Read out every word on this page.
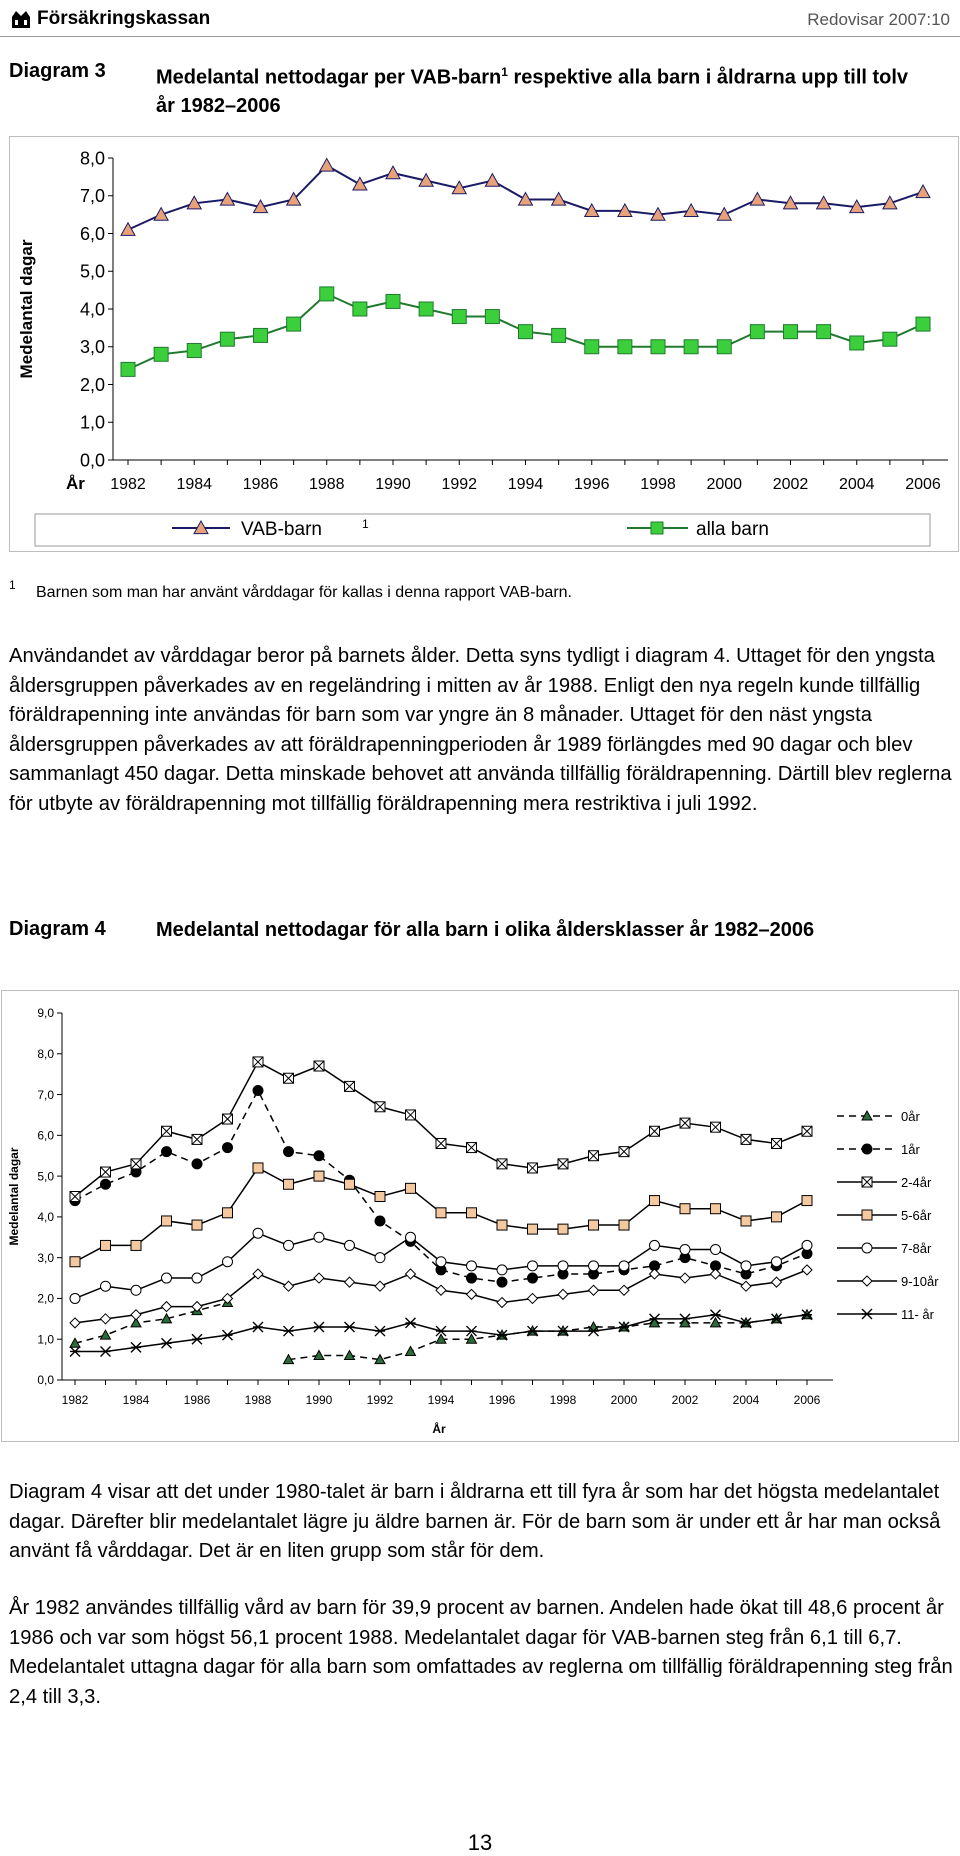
Försäkringskassan	Redovisar 2007:10
Diagram 3	Medelantal nettodagar per VAB-barn$^1$ respektive alla barn i åldrarna upp till tolv år 1982–2006
0,0
1,0
2,0
3,0
4,0
5,0
6,0
7,0
8,0
1982 1984 1986 1988 1990 1992 1994 1996 1998 2000 2002 2004 2006
Medelantal dagar
År
VAB-barn	1	alla barn
1 Barnen som man har använt vårddagar för kallas i denna rapport VAB-barn.
Användandet av vårddagar beror på barnets ålder. Detta syns tydligt i diagram 4. Uttaget för den yngsta åldersgruppen påverkades av en regeländring i mitten av år 1988. Enligt den nya regeln kunde tillfällig föräldrapenning inte användas för barn som var yngre än 8 månader. Uttaget för den näst yngsta åldersgruppen påverkades av att föräldrapenningperioden år 1989 förlängdes med 90 dagar och blev sammanlagt 450 dagar. Detta minskade behovet att använda tillfällig föräldrapenning. Därtill blev reglerna för utbyte av föräldrapenning mot tillfällig föräldrapenning mera restriktiva i juli 1992.
Diagram 4	Medelantal nettodagar för alla barn i olika åldersklasser år 1982–2006
0,0
1,0
2,0
3,0
4,0
5,0
6,0
7,0
8,0
9,0
1982	1984	1986	1988	1990	1992	1994	1996	1998	2000	2002	2004	2006
Medelantal dagar
År
0år
1år
2-4år
5-6år
7-8år
9-10år
11- år
Diagram 4 visar att det under 1980-talet är barn i åldrarna ett till fyra år som har det högsta medelantalet dagar. Därefter blir medelantalet lägre ju äldre barnen är. För de barn som är under ett år har man också använt få vårddagar. Det är en liten grupp som står för dem.
År 1982 användes tillfällig vård av barn för 39,9 procent av barnen. Andelen hade ökat till 48,6 procent år 1986 och var som högst 56,1 procent 1988. Medelantalet dagar för VAB-barnen steg från 6,1 till 6,7. Medelantalet uttagna dagar för alla barn som omfattades av reglerna om tillfällig föräldrapenning steg från 2,4 till 3,3.
13
